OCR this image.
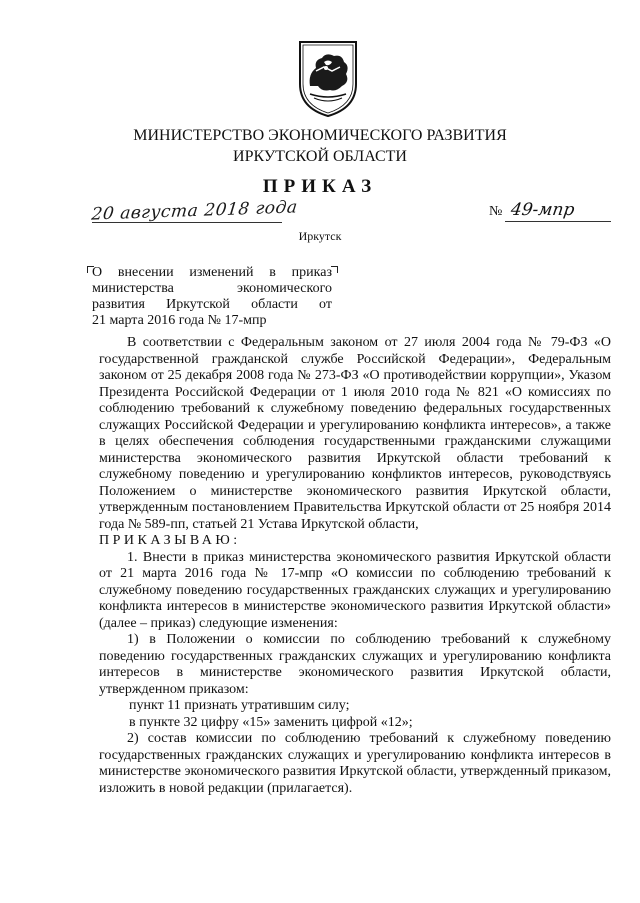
МИНИСТЕРСТВО ЭКОНОМИЧЕСКОГО РАЗВИТИЯ
ИРКУТСКОЙ ОБЛАСТИ
ПРИКАЗ
20 августа 2018 года	№ 49-мпр
Иркутск
О внесении изменений в приказ
министерства экономического
развития Иркутской области от
21 марта 2016 года № 17-мпр

В соответствии с Федеральным законом от 27 июля 2004 года № 79-ФЗ «О государственной гражданской службе Российской Федерации», Федеральным законом от 25 декабря 2008 года № 273-ФЗ «О противодействии коррупции», Указом Президента Российской Федерации от 1 июля 2010 года № 821 «О комиссиях по соблюдению требований к служебному поведению федеральных государственных служащих Российской Федерации и урегулированию конфликта интересов», а также в целях обеспечения соблюдения государственными гражданскими служащими министерства экономического развития Иркутской области требований к служебному поведению и урегулированию конфликтов интересов, руководствуясь Положением о министерстве экономического развития Иркутской области, утвержденным постановлением Правительства Иркутской области от 25 ноября 2014 года № 589-пп, статьей 21 Устава Иркутской области,

ПРИКАЗЫВАЮ:

1. Внести в приказ министерства экономического развития Иркутской области от 21 марта 2016 года № 17-мпр «О комиссии по соблюдению требований к служебному поведению государственных гражданских служащих и урегулированию конфликта интересов в министерстве экономического развития Иркутской области» (далее – приказ) следующие изменения:

1) в Положении о комиссии по соблюдению требований к служебному поведению государственных гражданских служащих и урегулированию конфликта интересов в министерстве экономического развития Иркутской области, утвержденном приказом:

пункт 11 признать утратившим силу;

в пункте 32 цифру «15» заменить цифрой «12»;

2) состав комиссии по соблюдению требований к служебному поведению государственных гражданских служащих и урегулированию конфликта интересов в министерстве экономического развития Иркутской области, утвержденный приказом, изложить в новой редакции (прилагается).
